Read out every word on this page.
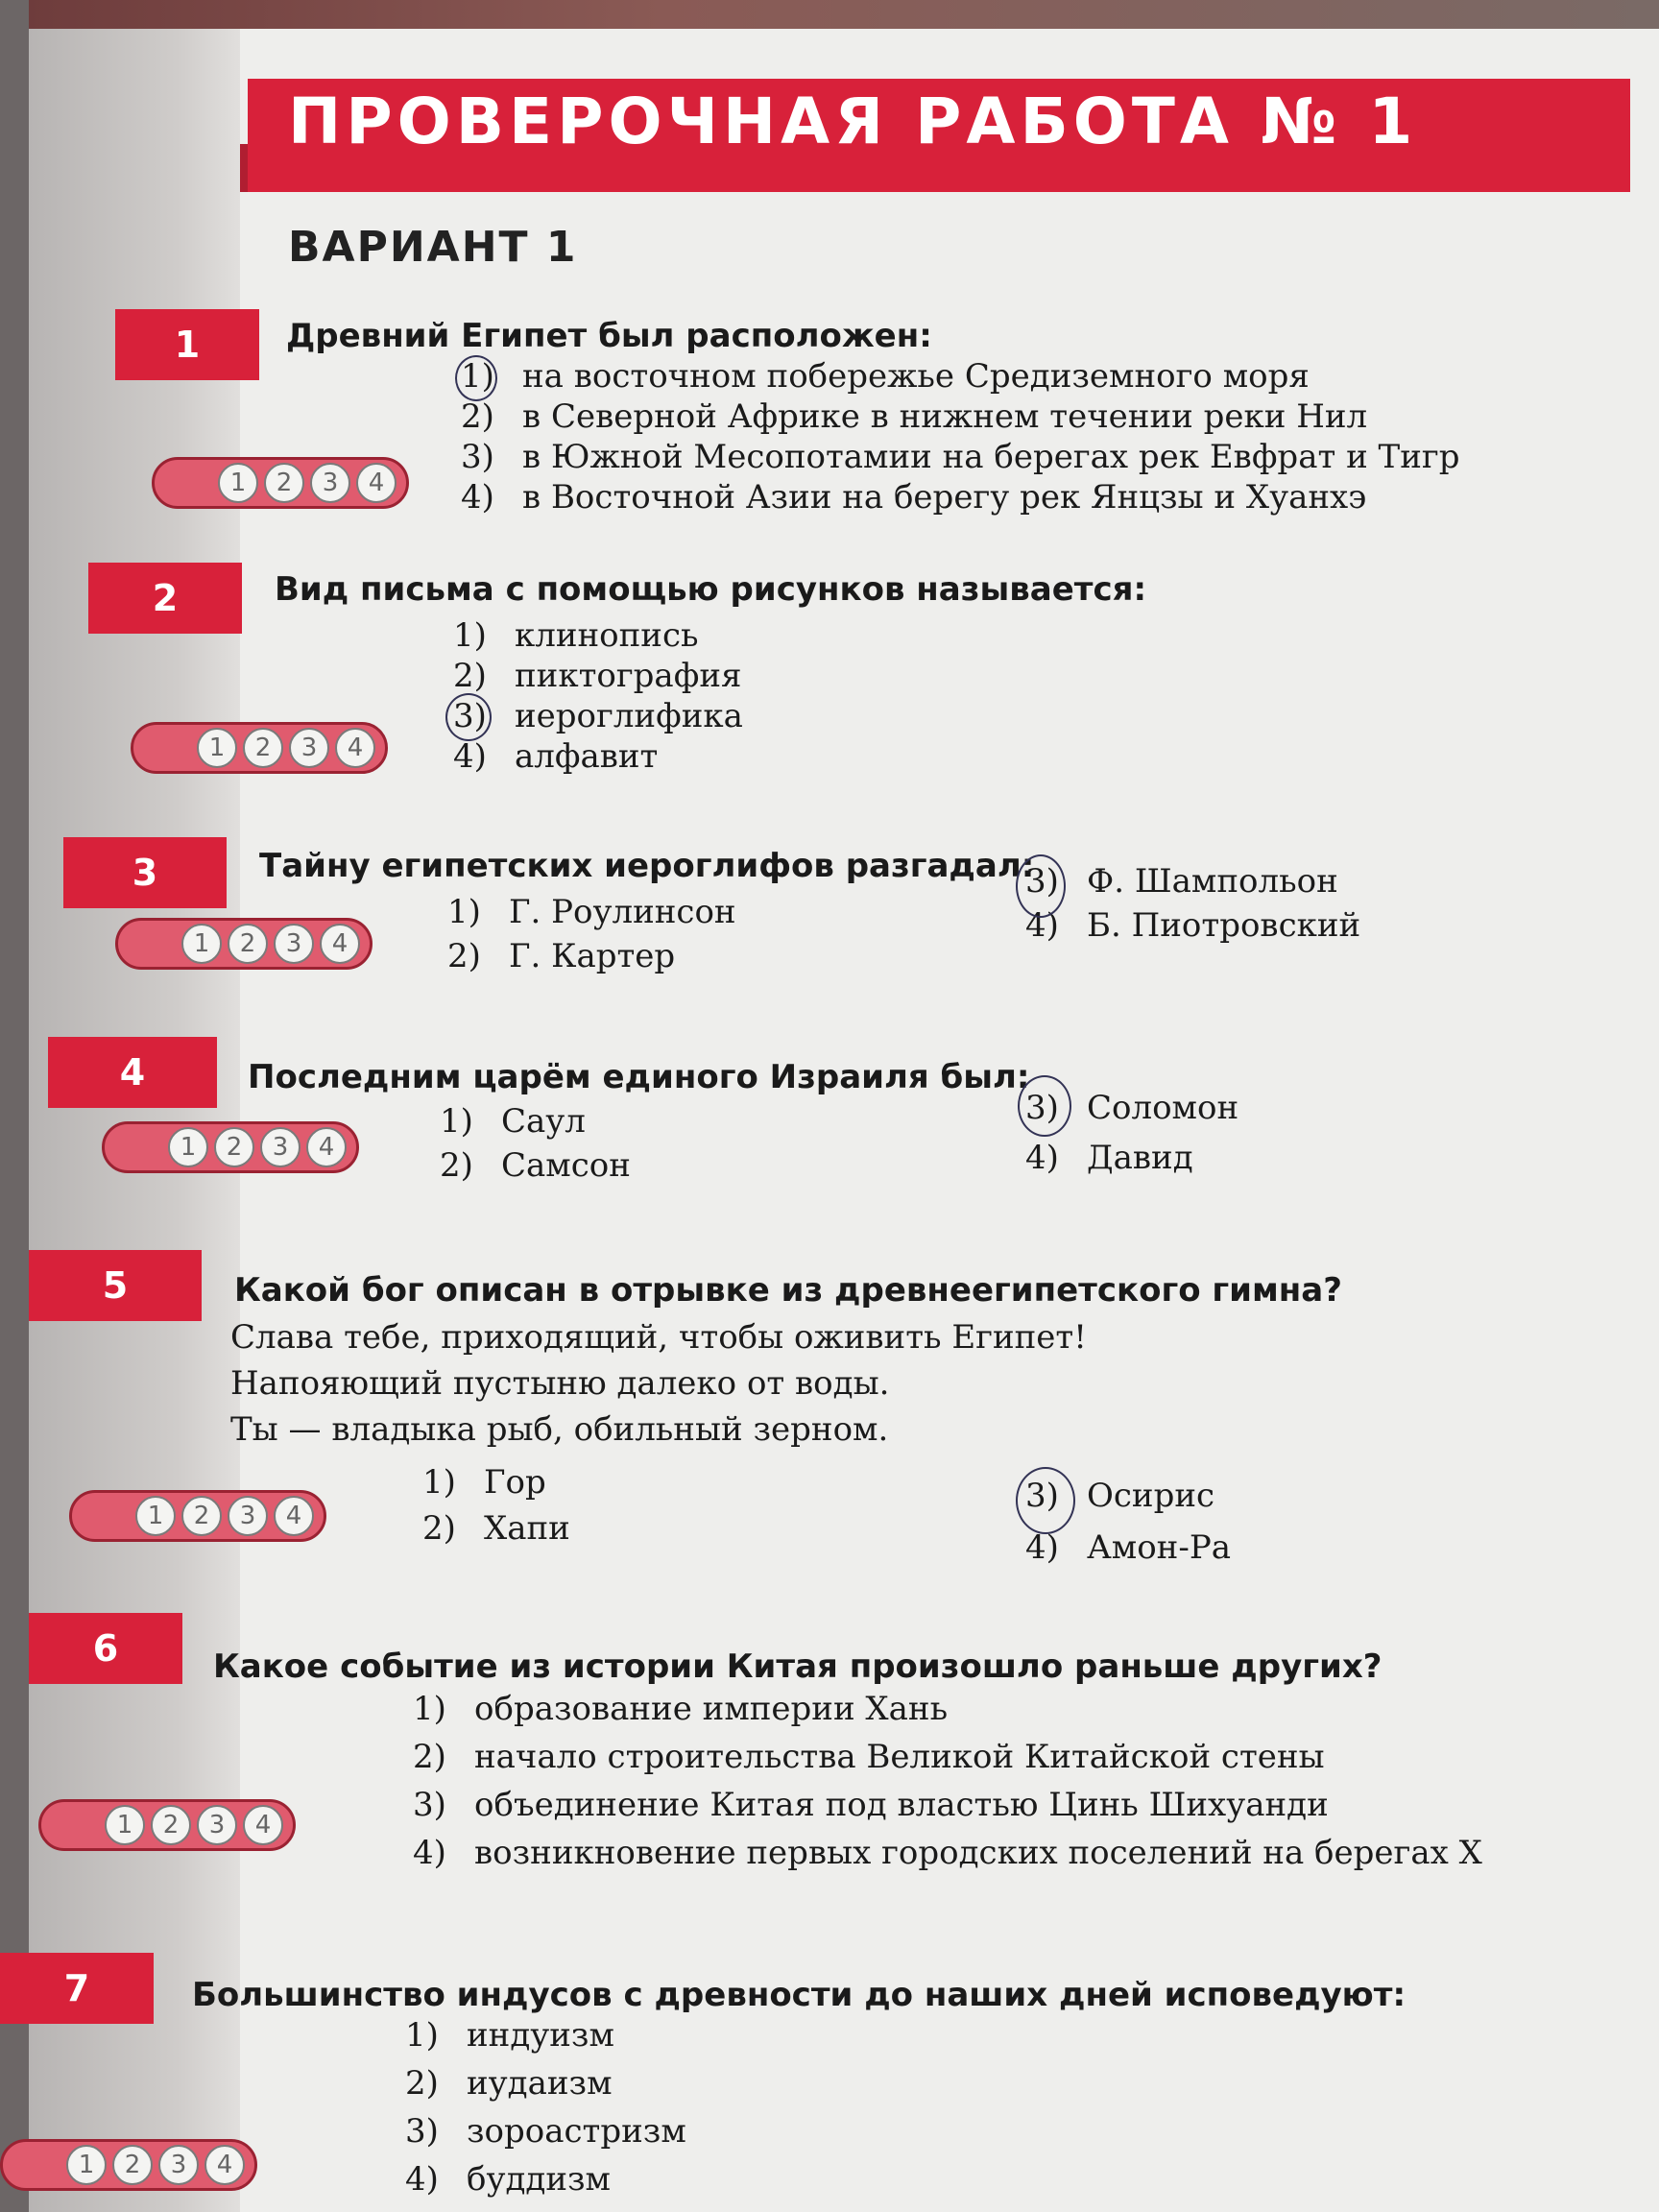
ПРОВЕРОЧНАЯ РАБОТА № 1
ВАРИАНТ 1
1	Древний Египет был расположен:
1) на восточном побережье Средиземного моря
2) в Северной Африке в нижнем течении реки Нил
3) в Южной Месопотамии на берегах рек Евфрат и Тигр
4) в Восточной Азии на берегу рек Янцзы и Хуанхэ
1	2	3	4
2	Вид письма с помощью рисунков называется:
1) клинопись
2) пиктография
3) иероглифика
4) алфавит
1	2	3	4
3	Тайну египетских иероглифов разгадал:
1) Г. Роулинсон
2) Г. Картер
3) Ф. Шампольон
4) Б. Пиотровский
1	2	3	4
4	Последним царём единого Израиля был:
1) Саул
2) Самсон
3) Соломон
4) Давид
1	2	3	4
5	Какой бог описан в отрывке из древнеегипетского гимна?
Слава тебе, приходящий, чтобы оживить Египет!
Напояющий пустыню далеко от воды.
Ты — владыка рыб, обильный зерном.
1) Гор
2) Хапи
3) Осирис
4) Амон-Ра
1	2	3	4
6	Какое событие из истории Китая произошло раньше других?
1) образование империи Хань
2) начало строительства Великой Китайской стены
3) объединение Китая под властью Цинь Шихуанди
4) возникновение первых городских поселений на берегах Х
1	2	3	4
7	Большинство индусов с древности до наших дней исповедуют:
1) индуизм
2) иудаизм
3) зороастризм
4) буддизм
1	2	3	4
